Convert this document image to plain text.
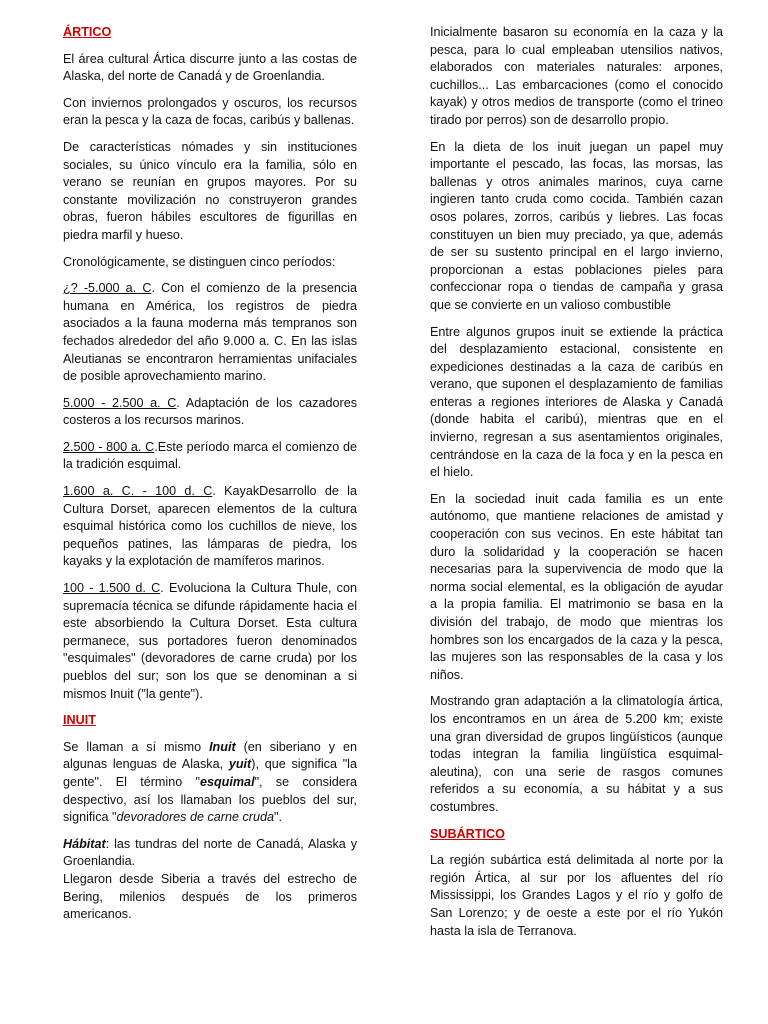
ÁRTICO

El área cultural Ártica discurre junto a las costas de Alaska, del norte de Canadá y de Groenlandia.

Con inviernos prolongados y oscuros, los recursos eran la pesca y la caza de focas, caribús y ballenas.

De características nómades y sin instituciones sociales, su único vínculo era la familia, sólo en verano se reunían en grupos mayores. Por su constante movilización no construyeron grandes obras, fueron hábiles escultores de figurillas en piedra marfil y hueso.

Cronológicamente, se distinguen cinco períodos:

¿? -5.000 a. C. Con el comienzo de la presencia humana en América, los registros de piedra asociados a la fauna moderna más tempranos son fechados alrededor del año 9.000 a. C. En las islas Aleutianas se encontraron herramientas unifaciales de posible aprovechamiento marino.

5.000 - 2.500 a. C. Adaptación de los cazadores costeros a los recursos marinos.

2.500 - 800 a. C.Este período marca el comienzo de la tradición esquimal.

1.600 a. C. - 100 d. C. KayakDesarrollo de la Cultura Dorset, aparecen elementos de la cultura esquimal histórica como los cuchillos de nieve, los pequeños patines, las lámparas de piedra, los kayaks y la explotación de mamíferos marinos.

100 - 1.500 d. C. Evoluciona la Cultura Thule, con supremacía técnica se difunde rápidamente hacia el este absorbiendo la Cultura Dorset. Esta cultura permanece, sus portadores fueron denominados "esquimales" (devoradores de carne cruda) por los pueblos del sur; son los que se denominan a si mismos Inuit ("la gente").

INUIT

Se llaman a sí mismo Inuit (en siberiano y en algunas lenguas de Alaska, yuit), que significa "la gente". El término "esquimal", se considera despectivo, así los llamaban los pueblos del sur, significa "devoradores de carne cruda".

Hábitat: las tundras del norte de Canadá, Alaska y Groenlandia.

Llegaron desde Siberia a través del estrecho de Bering, milenios después de los primeros americanos.

Inicialmente basaron su economía en la caza y la pesca, para lo cual empleaban utensilios nativos, elaborados con materiales naturales: arpones, cuchillos... Las embarcaciones (como el conocido kayak) y otros medios de transporte (como el trineo tirado por perros) son de desarrollo propio.

En la dieta de los inuit juegan un papel muy importante el pescado, las focas, las morsas, las ballenas y otros animales marinos, cuya carne ingieren tanto cruda como cocida. También cazan osos polares, zorros, caribús y liebres. Las focas constituyen un bien muy preciado, ya que, además de ser su sustento principal en el largo invierno, proporcionan a estas poblaciones pieles para confeccionar ropa o tiendas de campaña y grasa que se convierte en un valioso combustible

Entre algunos grupos inuit se extiende la práctica del desplazamiento estacional, consistente en expediciones destinadas a la caza de caribús en verano, que suponen el desplazamiento de familias enteras a regiones interiores de Alaska y Canadá (donde habita el caribú), mientras que en el invierno, regresan a sus asentamientos originales, centrándose en la caza de la foca y en la pesca en el hielo.

En la sociedad inuit cada familia es un ente autónomo, que mantiene relaciones de amistad y cooperación con sus vecinos. En este hábitat tan duro la solidaridad y la cooperación se hacen necesarias para la supervivencia de modo que la norma social elemental, es la obligación de ayudar a la propia familia. El matrimonio se basa en la división del trabajo, de modo que mientras los hombres son los encargados de la caza y la pesca, las mujeres son las responsables de la casa y los niños.

Mostrando gran adaptación a la climatología ártica, los encontramos en un área de 5.200 km; existe una gran diversidad de grupos lingüísticos (aunque todas integran la familia lingüística esquimal-aleutina), con una serie de rasgos comunes referidos a su economía, a su hábitat y a sus costumbres.

SUBÁRTICO

La región subártica está delimitada al norte por la región Ártica, al sur por los afluentes del río Mississippi, los Grandes Lagos y el río y golfo de San Lorenzo; y de oeste a este por el río Yukón hasta la isla de Terranova.
